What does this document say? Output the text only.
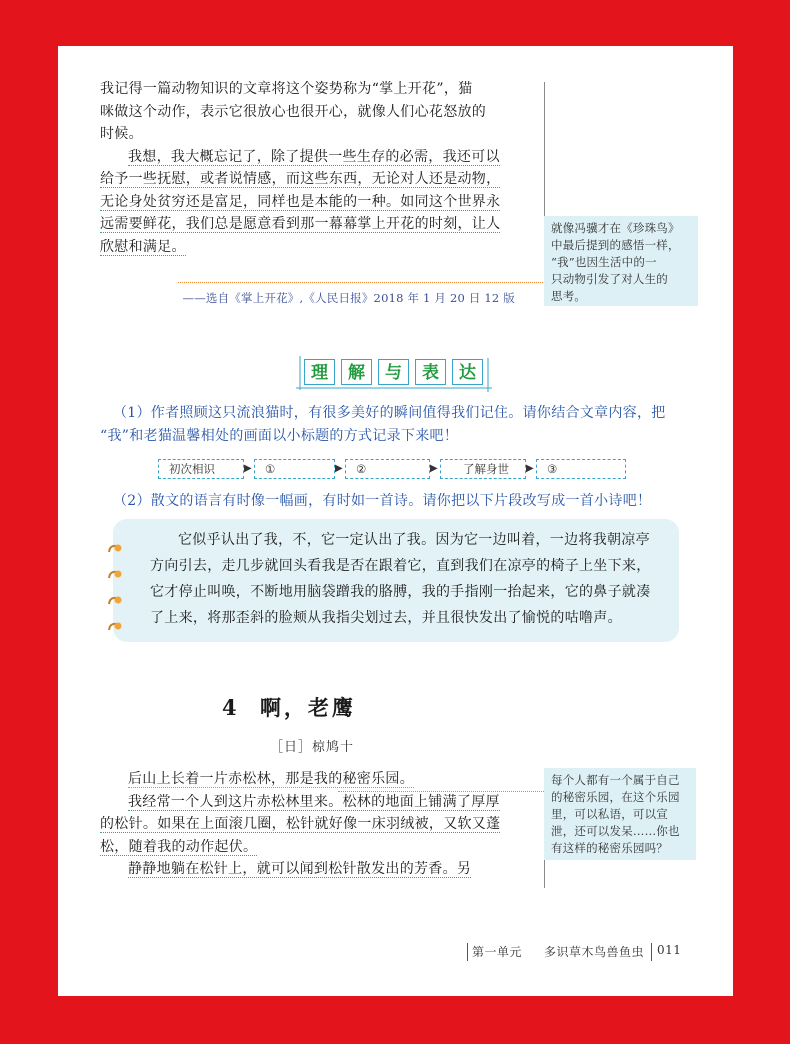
我记得一篇动物知识的文章将这个姿势称为“掌上开花”，猫
咪做这个动作，表示它很放心也很开心，就像人们心花怒放的
时候。
我想，我大概忘记了，除了提供一些生存的必需，我还可以
给予一些抚慰，或者说情感，而这些东西，无论对人还是动物，
无论身处贫穷还是富足，同样也是本能的一种。如同这个世界永
远需要鲜花，我们总是愿意看到那一幕幕掌上开花的时刻，让人
欣慰和满足。
——选自《掌上开花》,《人民日报》2018 年 1 月 20 日 12 版
就像冯骥才在《珍珠鸟》
中最后提到的感悟一样，
“我”也因生活中的一
只动物引发了对人生的
思考。
理	解	与	表	达
（1）作者照顾这只流浪猫时，有很多美好的瞬间值得我们记住。请你结合文章内容，把
“我”和老猫温馨相处的画面以小标题的方式记录下来吧！
初次相识	▶	①	▶	②	▶	了解身世	▶	③
（2）散文的语言有时像一幅画，有时如一首诗。请你把以下片段改写成一首小诗吧！
它似乎认出了我，不，它一定认出了我。因为它一边叫着，一边将我朝凉亭
方向引去，走几步就回头看我是否在跟着它，直到我们在凉亭的椅子上坐下来，
它才停止叫唤，不断地用脑袋蹭我的胳膊，我的手指刚一抬起来，它的鼻子就凑
了上来，将那歪斜的脸颊从我指尖划过去，并且很快发出了愉悦的咕噜声。
4 啊，老鹰
［日］椋鸠十
后山上长着一片赤松林，那是我的秘密乐园。
我经常一个人到这片赤松林里来。松林的地面上铺满了厚厚
的松针。如果在上面滚几圈，松针就好像一床羽绒被，又软又蓬
松，随着我的动作起伏。
静静地躺在松针上，就可以闻到松针散发出的芳香。另
每个人都有一个属于自己
的秘密乐园，在这个乐园
里，可以私语，可以宣
泄，还可以发呆……你也
有这样的秘密乐园吗？
第一单元 多识草木鸟兽鱼虫 011
